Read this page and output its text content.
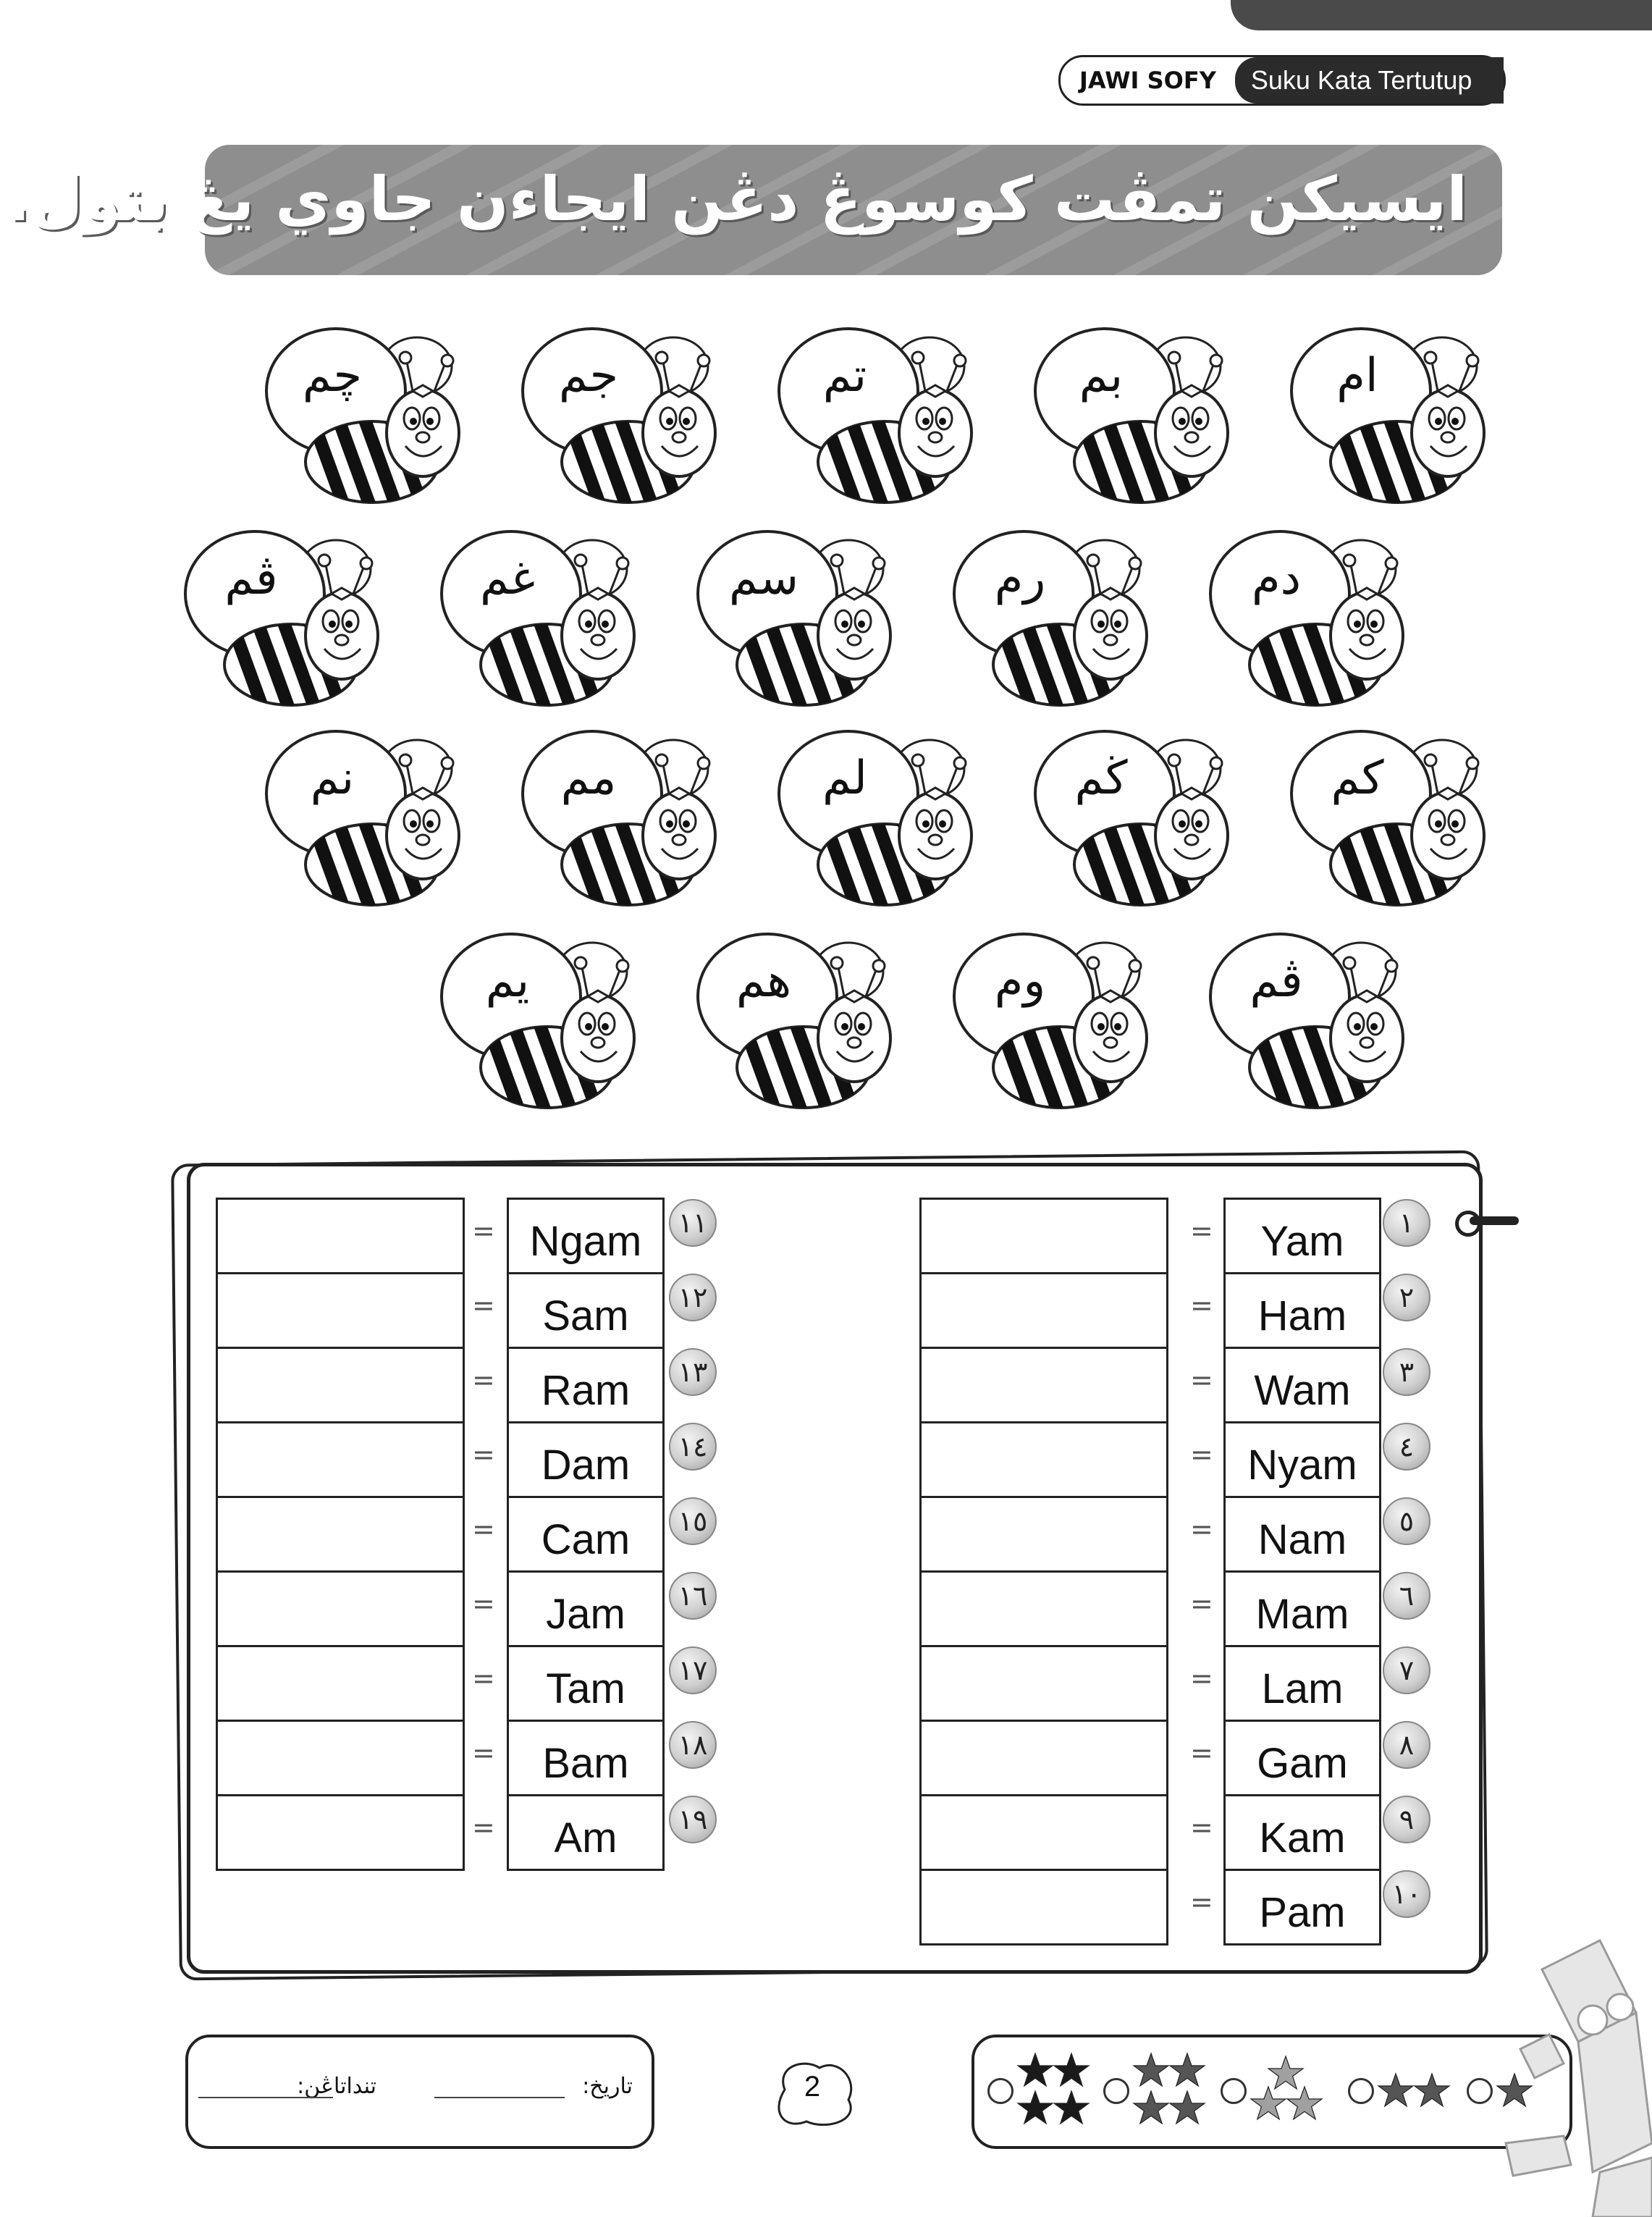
JAWI SOFY	Suku Kata Tertutup
ايسيكن تمڤت كوسوڠ دڠن ايجاءن جاوي يڠ بتول.
ام
بم
تم
جم
چم
دم
رم
سم
غم
ڤم
كم
ڬم
لم
مم
نم
ڤم
وم
هم
يم
= Yam	١
= Ham	٢
= Wam	٣
= Nyam	٤
= Nam	٥
= Mam	٦
= Lam	٧
= Gam	٨
= Kam	٩
= Pam	١٠
= Ngam	١١
= Sam	١٢
= Ram	١٣
= Dam	١٤
= Cam	١٥
= Jam	١٦
= Tam	١٧
= Bam	١٨
= Am	١٩
تاريخ:
تنداتاڠن:	2
